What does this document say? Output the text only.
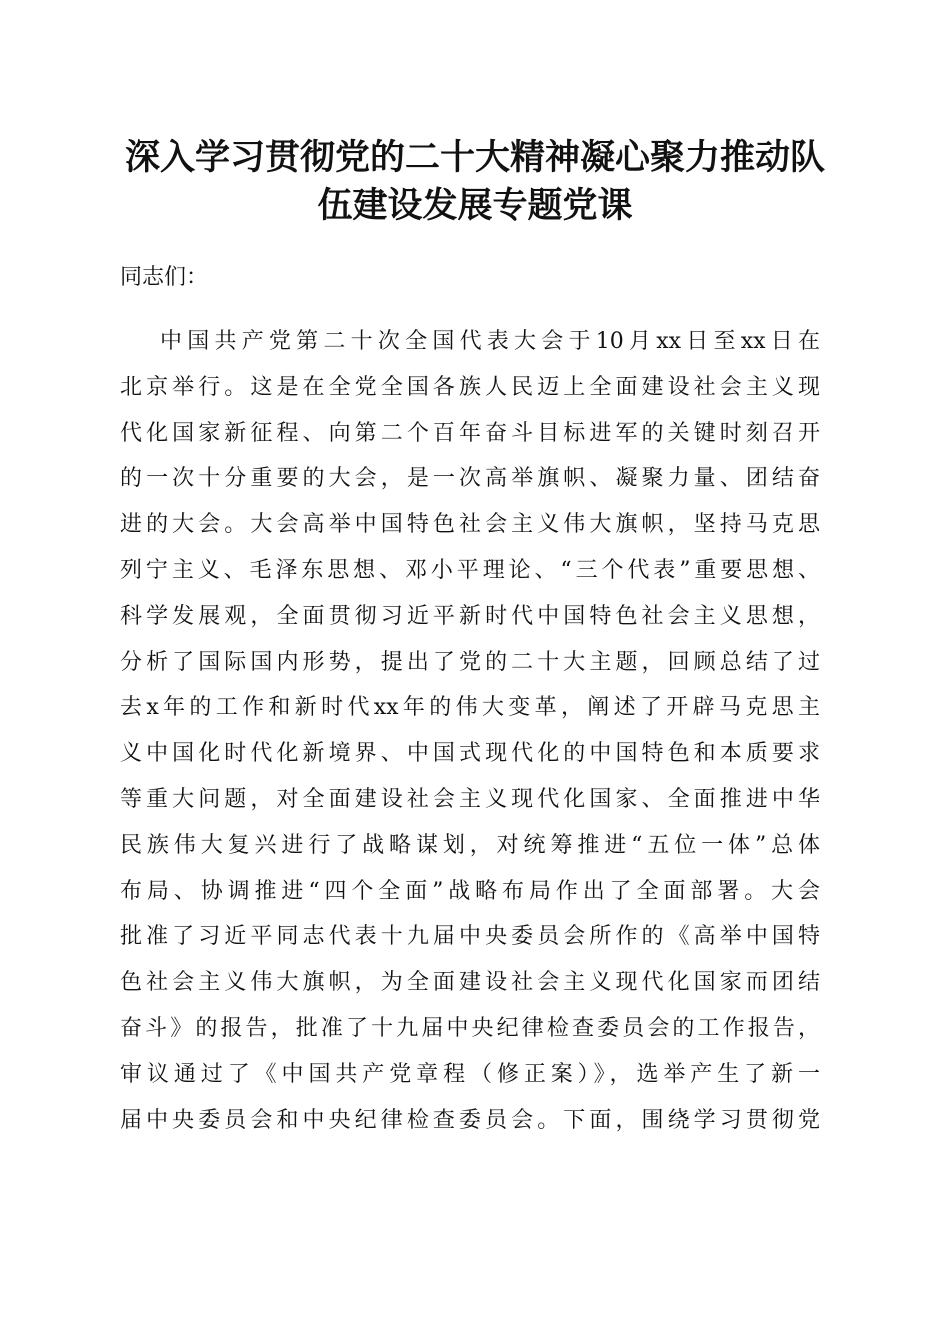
深入学习贯彻党的二十大精神凝心聚力推动队
伍建设发展专题党课

同志们：

中国共产党第二十次全国代表大会于10月xx日至xx日在
北京举行。这是在全党全国各族人民迈上全面建设社会主义现
代化国家新征程、向第二个百年奋斗目标进军的关键时刻召开
的一次十分重要的大会，是一次高举旗帜、凝聚力量、团结奋
进的大会。大会高举中国特色社会主义伟大旗帜，坚持马克思
列宁主义、毛泽东思想、邓小平理论、“三个代表”重要思想、
科学发展观，全面贯彻习近平新时代中国特色社会主义思想，
分析了国际国内形势，提出了党的二十大主题，回顾总结了过
去x年的工作和新时代xx年的伟大变革，阐述了开辟马克思主
义中国化时代化新境界、中国式现代化的中国特色和本质要求
等重大问题，对全面建设社会主义现代化国家、全面推进中华
民族伟大复兴进行了战略谋划，对统筹推进“五位一体”总体
布局、协调推进“四个全面”战略布局作出了全面部署。大会
批准了习近平同志代表十九届中央委员会所作的《高举中国特
色社会主义伟大旗帜，为全面建设社会主义现代化国家而团结
奋斗》的报告，批准了十九届中央纪律检查委员会的工作报告，
审议通过了《中国共产党章程（修正案）》，选举产生了新一
届中央委员会和中央纪律检查委员会。下面，围绕学习贯彻党
